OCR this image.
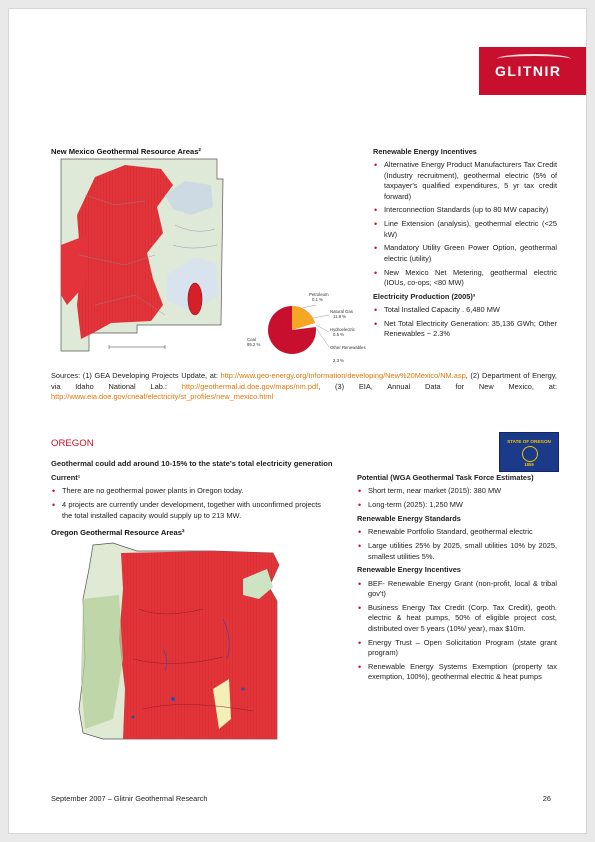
GLITNIR
New Mexico Geothermal Resource Areas²
Coal
85.2 %
Petroleum
0.1 %
Natural Gas
11.9 %
Hydroelectric
0.5 %
Other Renewables
2.3 %
Renewable Energy Incentives
• Alternative Energy Product Manufacturers Tax Credit (Industry recruitment), geothermal electric (5% of taxpayer's qualified expenditures, 5 yr tax credit forward)
• Interconnection Standards (up to 80 MW capacity)
• Line Extension (analysis), geothermal electric (<25 kW)
• Mandatory Utility Green Power Option, geothermal electric (utility)
• New Mexico Net Metering, geothermal electric (IOUs, co-ops; <80 MW)
Electricity Production (2005)³
• Total Installed Capacity . 6,480 MW
• Net Total Electricity Generation: 35,136 GWh; Other Renewables ~ 2.3%
Sources: (1) GEA Developing Projects Update, at: http://www.geo-energy.org/Information/developing/New%20Mexico/NM.asp, (2) Department of Energy, via Idaho National Lab.: http://geothermal.id.doe.gov/maps/nm.pdf, (3) EIA, Annual Data for New Mexico, at: http://www.eia.doe.gov/cneaf/electricity/st_profiles/new_mexico.html
OREGON	STATE OF OREGON
1859
Geothermal could add around 10-15% to the state's total electricity generation
Current¹
• There are no geothermal power plants in Oregon today.
• 4 projects are currently under development, together with unconfirmed projects the total installed capacity would supply up to 213 MW.
Oregon Geothermal Resource Areas²
Potential (WGA Geothermal Task Force Estimates)
• Short term, near market (2015): 380 MW
• Long-term (2025): 1,250 MW
Renewable Energy Standards
• Renewable Portfolio Standard, geothermal electric
• Large utilities 25% by 2025, small utilities 10% by 2025, smallest utilities 5%.
Renewable Energy Incentives
• BEF- Renewable Energy Grant (non-profit, local & tribal gov't)
• Business Energy Tax Credit (Corp. Tax Credit), geoth. electric & heat pumps, 50% of eligible project cost, distributed over 5 years (10%/ year), max $10m.
• Energy Trust – Open Solicitation Program (state grant program)
• Renewable Energy Systems Exemption (property tax exemption, 100%), geothermal electric & heat pumps
September 2007 – Glitnir Geothermal Research	26
